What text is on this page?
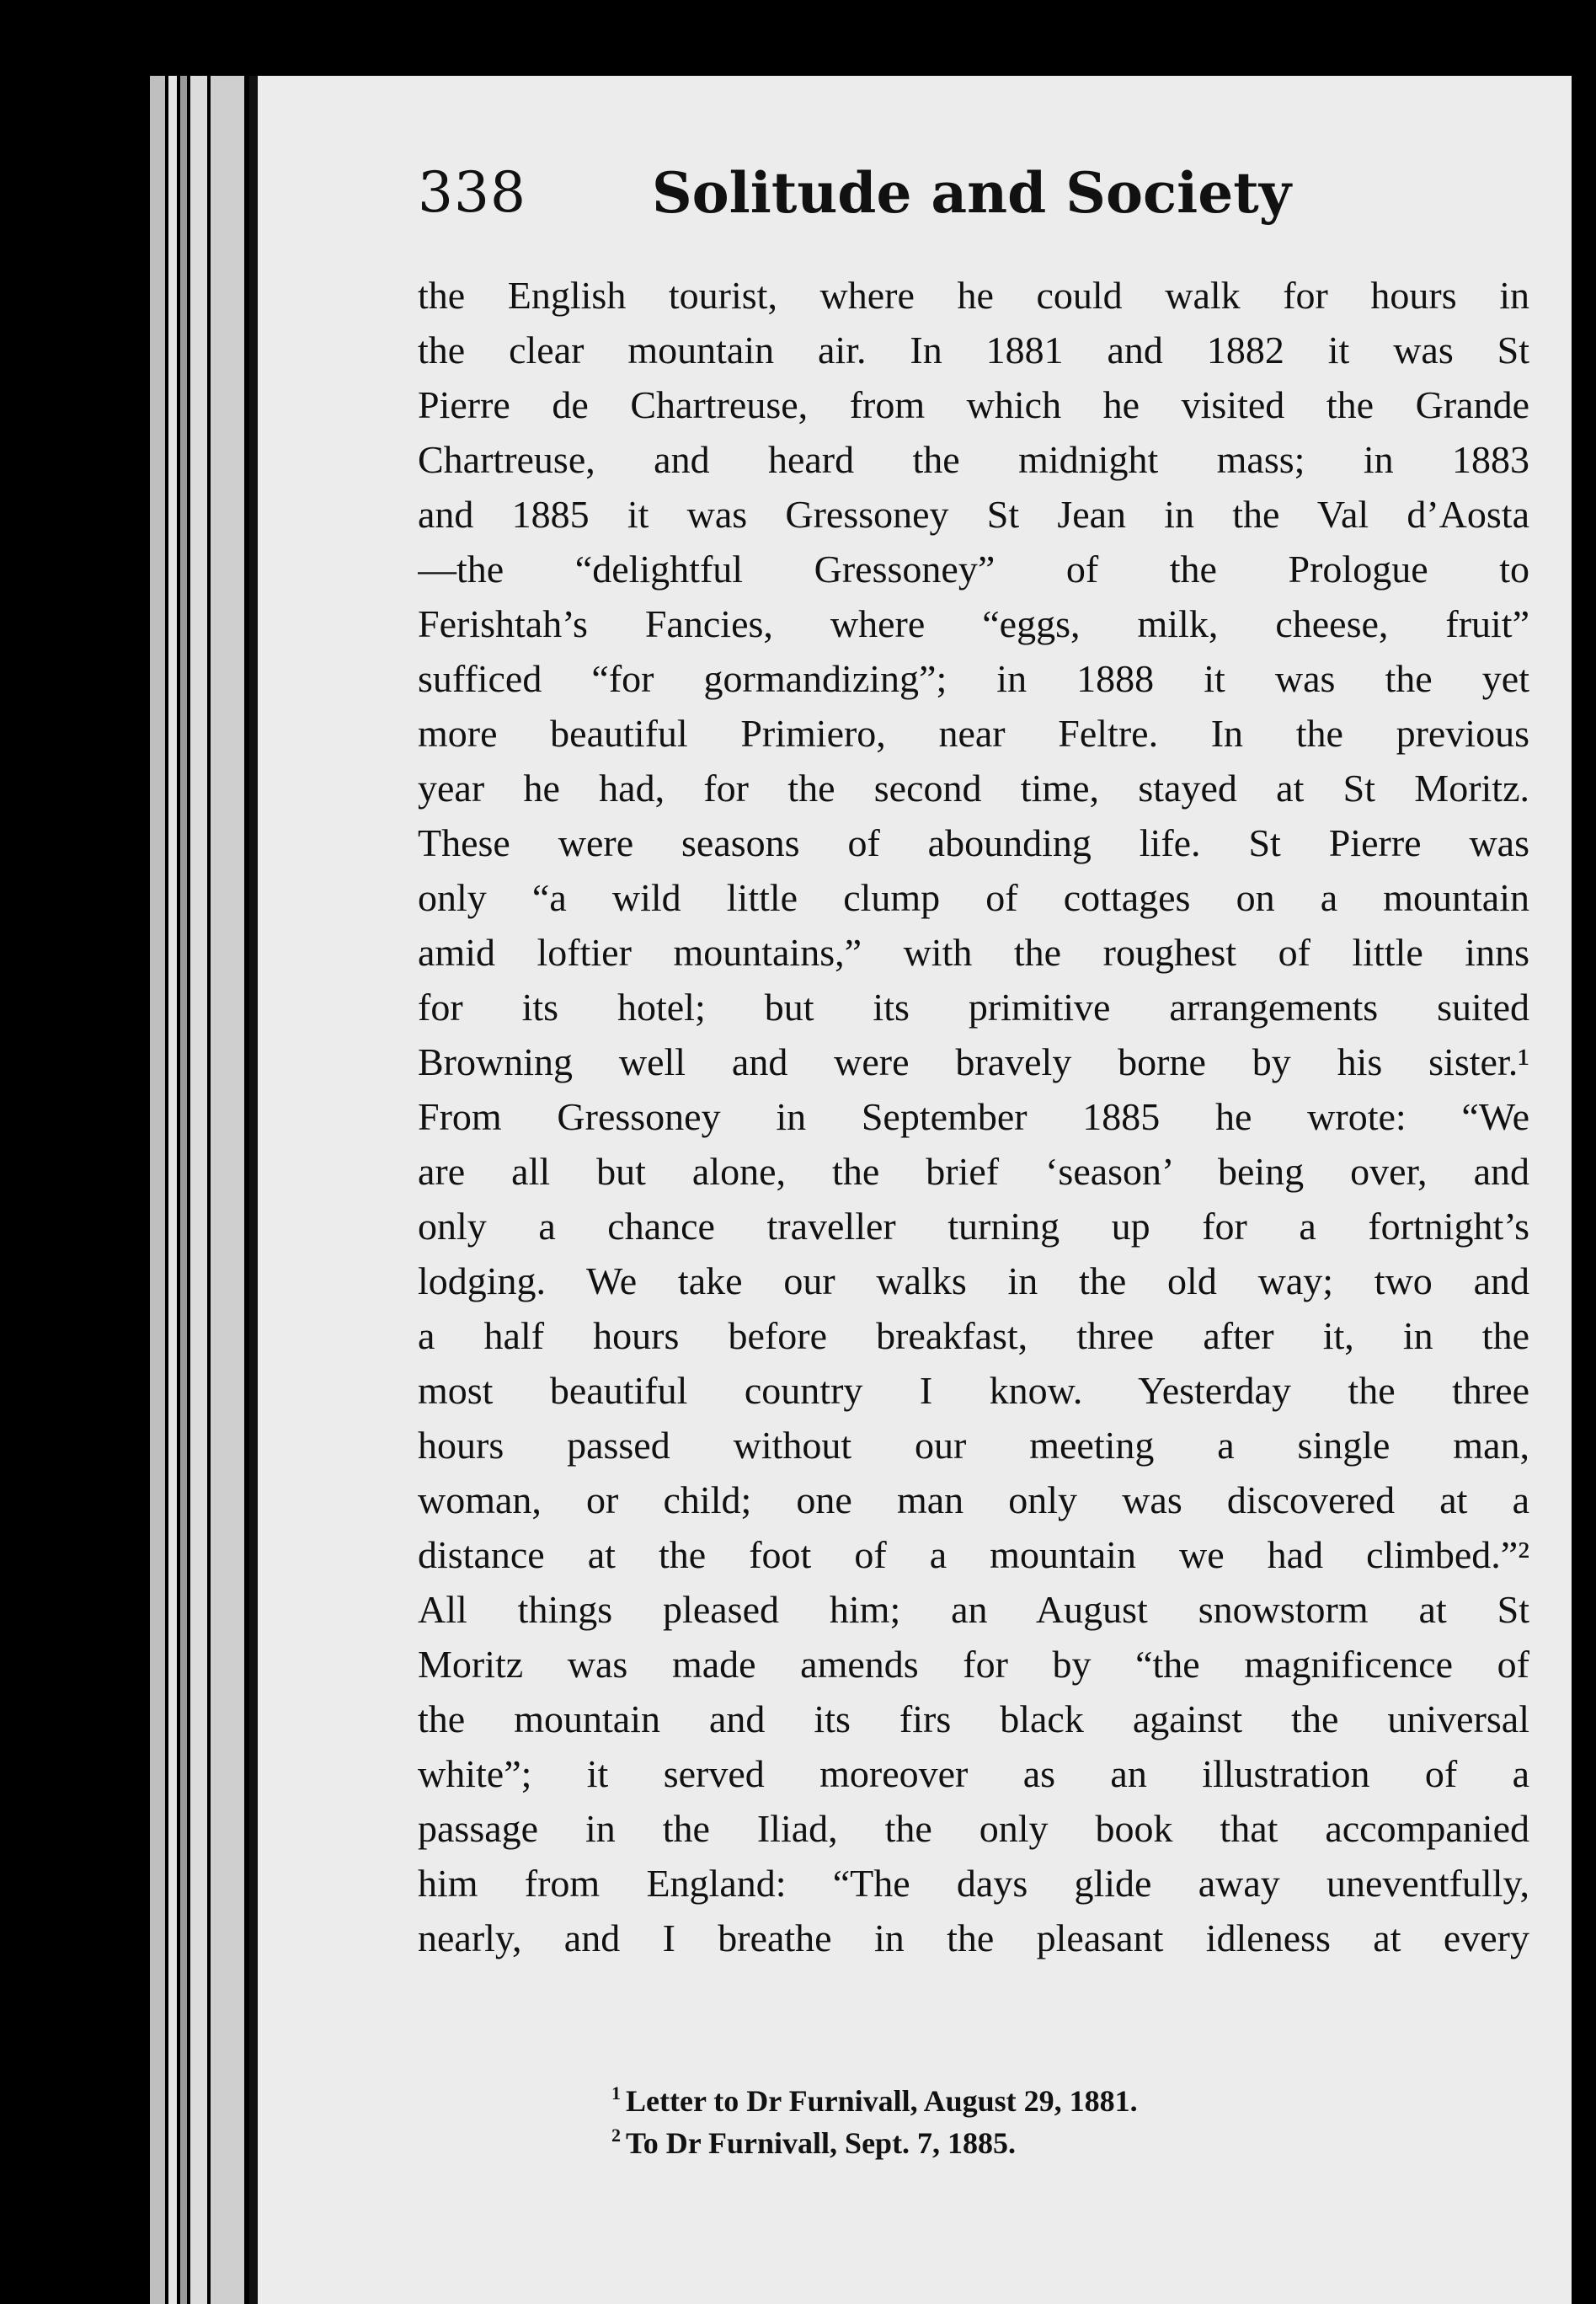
338 Solitude and Society
the English tourist, where he could walk for hours in
the clear mountain air. In 1881 and 1882 it was St
Pierre de Chartreuse, from which he visited the Grande
Chartreuse, and heard the midnight mass; in 1883
and 1885 it was Gressoney St Jean in the Val d’Aosta
—the “delightful Gressoney” of the Prologue to
Ferishtah’s Fancies, where “eggs, milk, cheese, fruit”
sufficed “for gormandizing”; in 1888 it was the yet
more beautiful Primiero, near Feltre. In the previous
year he had, for the second time, stayed at St Moritz.
These were seasons of abounding life. St Pierre was
only “a wild little clump of cottages on a mountain
amid loftier mountains,” with the roughest of little inns
for its hotel; but its primitive arrangements suited
Browning well and were bravely borne by his sister.¹
From Gressoney in September 1885 he wrote: “We
are all but alone, the brief ‘season’ being over, and
only a chance traveller turning up for a fortnight’s
lodging. We take our walks in the old way; two and
a half hours before breakfast, three after it, in the
most beautiful country I know. Yesterday the three
hours passed without our meeting a single man,
woman, or child; one man only was discovered at a
distance at the foot of a mountain we had climbed.”²
All things pleased him; an August snowstorm at St
Moritz was made amends for by “the magnificence of
the mountain and its firs black against the universal
white”; it served moreover as an illustration of a
passage in the Iliad, the only book that accompanied
him from England: “The days glide away uneventfully,
nearly, and I breathe in the pleasant idleness at every
$^1$ Letter to Dr Furnivall, August 29, 1881.
$^2$ To Dr Furnivall, Sept. 7, 1885.
